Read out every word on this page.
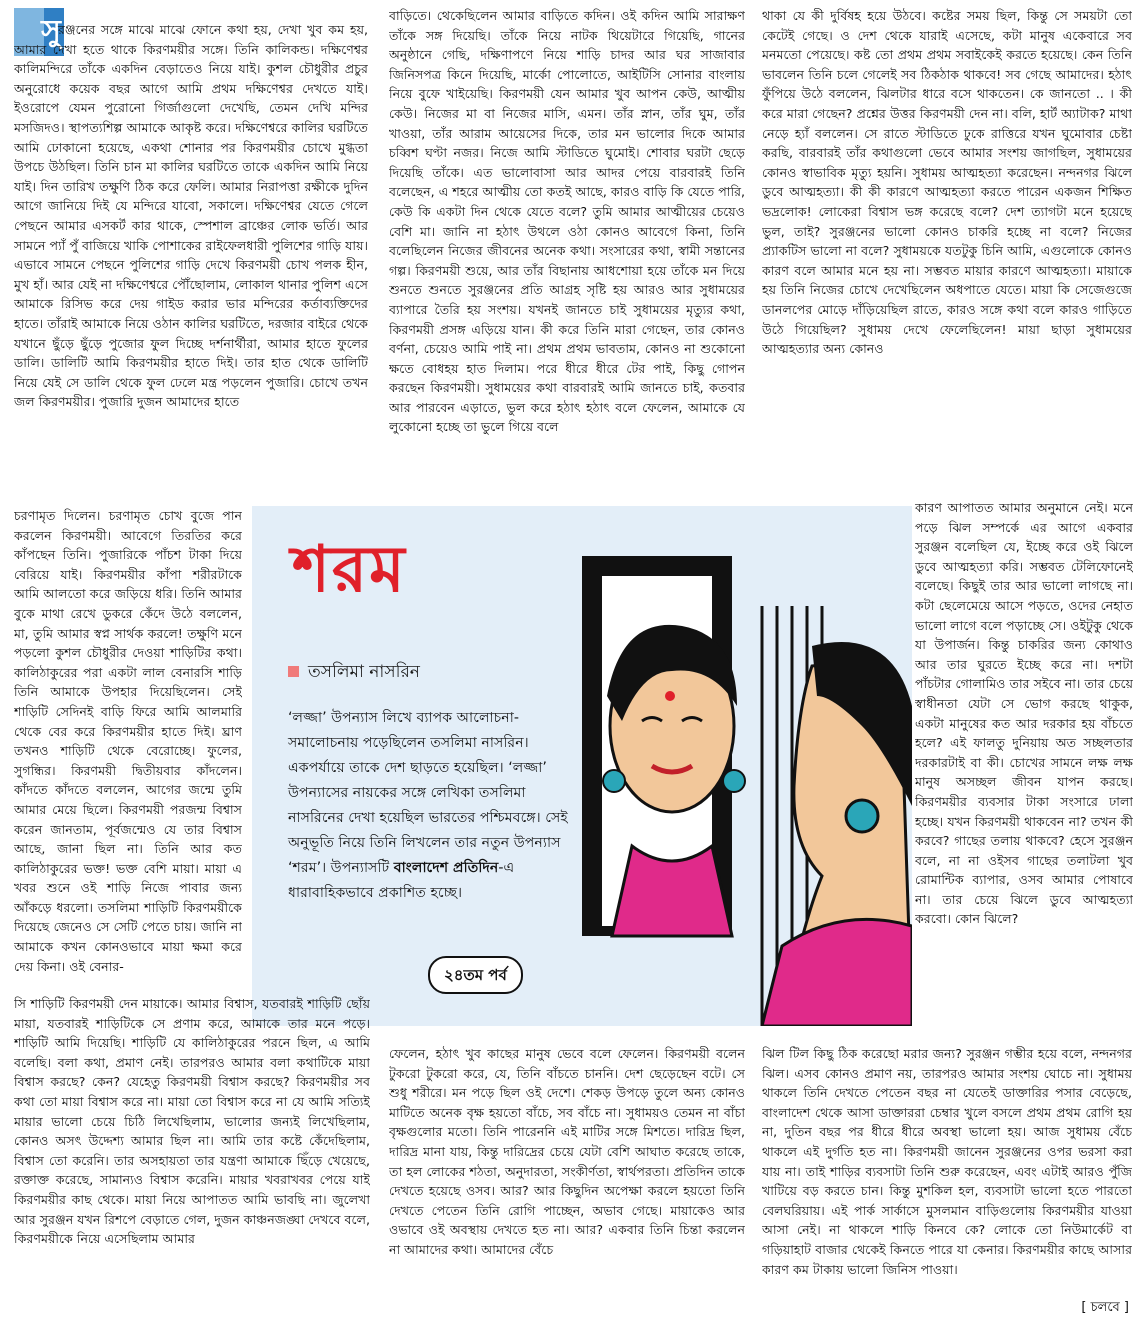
সু

রঞ্জনের সঙ্গে মাঝে মাঝে ফোনে কথা হয়, দেখা খুব কম হয়, আমার দেখা হতে থাকে কিরণময়ীর সঙ্গে। তিনি কালিকন্ড। দক্ষিণেশ্বর কালিমন্দিরে তাঁকে একদিন বেড়াতেও নিয়ে যাই। কুশল চৌধুরীর প্রচুর অনুরোধে কয়েক বছর আগে আমি প্রথম দক্ষিণেশ্বর দেখতে যাই। ইওরোপে যেমন পুরোনো গির্জাগুলো দেখেছি, তেমন দেখি মন্দির মসজিদও। স্থাপত্যশিল্প আমাকে আকৃষ্ট করে। দক্ষিণেশ্বরে কালির ঘরটিতে আমি ঢোকানো হয়েছে, একথা শোনার পর কিরণময়ীর চোখে মুগ্ধতা উপচে উঠছিল। তিনি চান মা কালির ঘরটিতে তাকে একদিন আমি নিয়ে যাই। দিন তারিখ তক্ষুণি ঠিক করে ফেলি। আমার নিরাপত্তা রক্ষীকে দুদিন আগে জানিয়ে দিই যে মন্দিরে যাবো, সকালে। দক্ষিণেশ্বর যেতে গেলে পেছনে আমার এসকর্ট কার থাকে, স্পেশাল ব্রাঞ্চের লোক ভর্তি। আর সামনে প্যাঁ পুঁ বাজিয়ে খাকি পোশাকের রাইফেলধারী পুলিশের গাড়ি যায়। এভাবে সামনে পেছনে পুলিশের গাড়ি দেখে কিরণময়ী চোখ পলক হীন, মুখ হাঁ। আর যেই না দক্ষিণেশ্বরে পৌঁছোলাম, লোকাল থানার পুলিশ এসে আমাকে রিসিভ করে দেয় গাইড করার ভার মন্দিরের কর্তাব্যক্তিদের হাতে। তাঁরাই আমাকে নিয়ে ওঠান কালির ঘরটিতে, দরজার বাইরে থেকে যখানে ছুঁড়ে ছুঁড়ে পুজোর ফুল দিচ্ছে দর্শনার্থীরা, আমার হাতে ফুলের ডালি। ডালিটি আমি কিরণময়ীর হাতে দিই। তার হাত থেকে ডালিটি নিয়ে যেই সে ডালি থেকে ফুল ঢেলে মন্ত্র পড়লেন পুজারি। চোখে তখন জল কিরণময়ীর। পুজারি দুজন আমাদের হাতে

বাড়িতে। থেকেছিলেন আমার বাড়িতে কদিন। ওই কদিন আমি সারাক্ষণ তাঁকে সঙ্গ দিয়েছি। তাঁকে নিয়ে নাটক থিয়েটারে গিয়েছি, গানের অনুষ্ঠানে গেছি, দক্ষিণাপণে নিয়ে শাড়ি চাদর আর ঘর সাজাবার জিনিসপত্র কিনে দিয়েছি, মার্কো পোলোতে, আইটিসি সোনার বাংলায় নিয়ে বুফে খাইয়েছি। কিরণময়ী যেন আমার খুব আপন কেউ, আত্মীয় কেউ। নিজের মা বা নিজের মাসি, এমন। তাঁর স্নান, তাঁর ঘুম, তাঁর খাওয়া, তাঁর আরাম আয়েসের দিকে, তার মন ভালোর দিকে আমার চব্বিশ ঘণ্টা নজর। নিজে আমি স্টাডিতে ঘুমোই। শোবার ঘরটা ছেড়ে দিয়েছি তাঁকে। এত ভালোবাসা আর আদর পেয়ে বারবারই তিনি বলেছেন, এ শহরে আত্মীয় তো কতই আছে, কারও বাড়ি কি যেতে পারি, কেউ কি একটা দিন থেকে যেতে বলে? তুমি আমার আত্মীয়ের চেয়েও বেশি মা। জানি না হঠাৎ উথলে ওঠা কোনও আবেগে কিনা, তিনি বলেছিলেন নিজের জীবনের অনেক কথা। সংসারের কথা, স্বামী সন্তানের গল্প। কিরণময়ী শুয়ে, আর তাঁর বিছানায় আধশোয়া হয়ে তাঁকে মন দিয়ে শুনতে শুনতে সুরঞ্জনের প্রতি আগ্রহ সৃষ্টি হয় আরও আর সুধাময়ের ব্যাপারে তৈরি হয় সংশয়। যখনই জানতে চাই সুধাময়ের মৃত্যুর কথা, কিরণময়ী প্রসঙ্গ এড়িয়ে যান। কী করে তিনি মারা গেছেন, তার কোনও বর্ণনা, চেয়েও আমি পাই না। প্রথম প্রথম ভাবতাম, কোনও না শুকোনো ক্ষতে বোধহয় হাত দিলাম। পরে ধীরে ধীরে টের পাই, কিছু গোপন করছেন কিরণময়ী। সুধাময়ের কথা বারবারই আমি জানতে চাই, কতবার আর পারবেন এড়াতে, ভুল করে হঠাৎ হঠাৎ বলে ফেলেন, আমাকে যে লুকোনো হচ্ছে তা ভুলে গিয়ে বলে

থাকা যে কী দুর্বিষহ হয়ে উঠবে। কষ্টের সময় ছিল, কিন্তু সে সময়টা তো কেটেই গেছে। ও দেশ থেকে যারাই এসেছে, কটা মানুষ একেবারে সব মনমতো পেয়েছে। কষ্ট তো প্রথম প্রথম সবাইকেই করতে হয়েছে। কেন তিনি ভাবলেন তিনি চলে গেলেই সব ঠিকঠাক থাকবে! সব গেছে আমাদের। হঠাৎ ফুঁপিয়ে উঠে বললেন, ঝিলটার ধারে বসে থাকতেন। কে জানতো .. । কী করে মারা গেছেন? প্রশ্নের উত্তর কিরণময়ী দেন না। বলি, হার্ট অ্যাটাক? মাথা নেড়ে হ্যাঁ বললেন। সে রাতে স্টাডিতে ঢুকে রাত্তিরে যখন ঘুমোবার চেষ্টা করছি, বারবারই তাঁর কথাগুলো ভেবে আমার সংশয় জাগছিল, সুধাময়ের কোনও স্বাভাবিক মৃত্যু হয়নি। সুধাময় আত্মহত্যা করেছেন। নন্দনগর ঝিলে ডুবে আত্মহত্যা। কী কী কারণে আত্মহত্যা করতে পারেন একজন শিক্ষিত ভদ্রলোক! লোকেরা বিশ্বাস ভঙ্গ করেছে বলে? দেশ ত্যাগটা মনে হয়েছে ভুল, তাই? সুরঞ্জনের ভালো কোনও চাকরি হচ্ছে না বলে? নিজের প্র্যাকটিস ভালো না বলে? সুধাময়কে যতটুকু চিনি আমি, এগুলোকে কোনও কারণ বলে আমার মনে হয় না। সম্ভবত মায়ার কারণে আত্মহত্যা। মায়াকে হয় তিনি নিজের চোখে দেখেছিলেন অধপাতে যেতে। মায়া কি সেজেগুজে ডানলপের মোড়ে দাঁড়িয়েছিল রাতে, কারও সঙ্গে কথা বলে কারও গাড়িতে উঠে গিয়েছিল? সুধাময় দেখে ফেলেছিলেন! মায়া ছাড়া সুধাময়ের আত্মহত্যার অন্য কোনও

চরণামৃত দিলেন। চরণামৃত চোখ বুজে পান করলেন কিরণময়ী। আবেগে তিরতির করে কাঁপছেন তিনি। পুজারিকে পাঁচশ টাকা দিয়ে বেরিয়ে যাই। কিরণময়ীর কাঁপা শরীরটাকে আমি আলতো করে জড়িয়ে ধরি। তিনি আমার বুকে মাথা রেখে ডুকরে কেঁদে উঠে বললেন, মা, তুমি আমার স্বপ্ন সার্থক করলে! তক্ষুণি মনে পড়লো কুশল চৌধুরীর দেওয়া শাড়িটির কথা। কালিঠাকুরের পরা একটা লাল বেনারসি শাড়ি তিনি আমাকে উপহার দিয়েছিলেন। সেই শাড়িটি সেদিনই বাড়ি ফিরে আমি আলমারি থেকে বের করে কিরণময়ীর হাতে দিই। ঘ্রাণ তখনও শাড়িটি থেকে বেরোচ্ছে। ফুলের, সুগন্ধির। কিরণময়ী দ্বিতীয়বার কাঁদলেন। কাঁদতে কাঁদতে বললেন, আগের জন্মে তুমি আমার মেয়ে ছিলে। কিরণময়ী পরজন্ম বিশ্বাস করেন জানতাম, পূর্বজন্মেও যে তার বিশ্বাস আছে, জানা ছিল না। তিনি আর কত কালিঠাকুরের ভক্ত! ভক্ত বেশি মায়া। মায়া এ খবর শুনে ওই শাড়ি নিজে পাবার জন্য আঁকড়ে ধরলো। তসলিমা শাড়িটি কিরণময়ীকে দিয়েছে জেনেও সে সেটি পেতে চায়। জানি না আমাকে কখন কোনওভাবে মায়া ক্ষমা করে দেয় কিনা। ওই বেনার-

শরম
তসলিমা নাসরিন
‘লজ্জা’ উপন্যাস লিখে ব্যাপক আলোচনা-সমালোচনায় পড়েছিলেন তসলিমা নাসরিন। একপর্যায়ে তাকে দেশ ছাড়তে হয়েছিল। ‘লজ্জা’ উপন্যাসের নায়কের সঙ্গে লেখিকা তসলিমা নাসরিনের দেখা হয়েছিল ভারতের পশ্চিমবঙ্গে। সেই অনুভূতি নিয়ে তিনি লিখলেন তার নতুন উপন্যাস ‘শরম’। উপন্যাসটি বাংলাদেশ প্রতিদিন-এ ধারাবাহিকভাবে প্রকাশিত হচ্ছে।
২৪তম পর্ব

কারণ আপাতত আমার অনুমানে নেই। মনে পড়ে ঝিল সম্পর্কে এর আগে একবার সুরঞ্জন বলেছিল যে, ইচ্ছে করে ওই ঝিলে ডুবে আত্মহত্যা করি। সম্ভবত টেলিফোনেই বলেছে। কিছুই তার আর ভালো লাগছে না। কটা ছেলেমেয়ে আসে পড়তে, ওদের নেহাত ভালো লাগে বলে পড়াচ্ছে সে। ওইটুকু থেকে যা উপার্জন। কিন্তু চাকরির জন্য কোথাও আর তার ঘুরতে ইচ্ছে করে না। দশটা পাঁচটার গোলামিও তার সইবে না। তার চেয়ে স্বাধীনতা যেটা সে ভোগ করছে থাকুক, একটা মানুষের কত আর দরকার হয় বাঁচতে হলে? এই ফালতু দুনিয়ায় অত সচ্ছলতার দরকারটাই বা কী। চোখের সামনে লক্ষ লক্ষ মানুষ অসচ্ছল জীবন যাপন করছে। কিরণময়ীর ব্যবসার টাকা সংসারে ঢালা হচ্ছে। যখন কিরণময়ী থাকবেন না? তখন কী করবে? গাছের তলায় থাকবে? হেসে সুরঞ্জন বলে, না না ওইসব গাছের তলাটলা খুব রোমান্টিক ব্যাপার, ওসব আমার পোষাবে না। তার চেয়ে ঝিলে ডুবে আত্মহত্যা করবো। কোন ঝিলে?

সি শাড়িটি কিরণময়ী দেন মায়াকে। আমার বিশ্বাস, যতবারই শাড়িটি ছোঁয় মায়া, যতবারই শাড়িটিকে সে প্রণাম করে, আমাকে তার মনে পড়ে। শাড়িটি আমি দিয়েছি। শাড়িটি যে কালিঠাকুরের পরনে ছিল, এ আমি বলেছি। বলা কথা, প্রমাণ নেই। তারপরও আমার বলা কথাটিকে মায়া বিশ্বাস করছে? কেন? যেহেতু কিরণময়ী বিশ্বাস করছে? কিরণময়ীর সব কথা তো মায়া বিশ্বাস করে না। মায়া তো বিশ্বাস করে না যে আমি সত্যিই মায়ার ভালো চেয়ে চিঠি লিখেছিলাম, ভালোর জন্যই লিখেছিলাম, কোনও অসৎ উদ্দেশ্য আমার ছিল না। আমি তার কষ্টে কেঁদেছিলাম, বিশ্বাস তো করেনি। তার অসহায়তা তার যন্ত্রণা আমাকে ছিঁড়ে খেয়েছে, রক্তাক্ত করেছে, সামান্যও বিশ্বাস করেনি। মায়ার খবরাখবর পেয়ে যাই কিরণময়ীর কাছ থেকে। মায়া নিয়ে আপাতত আমি ভাবছি না। জুলেখা আর সুরঞ্জন যখন রিশপে বেড়াতে গেল, দুজন কাঞ্চনজঙ্ঘা দেখবে বলে, কিরণময়ীকে নিয়ে এসেছিলাম আমার

ফেলেন, হঠাৎ খুব কাছের মানুষ ভেবে বলে ফেলেন। কিরণময়ী বলেন টুকরো টুকরো করে, যে, তিনি বাঁচতে চাননি। দেশ ছেড়েছেন বটে। সে শুধু শরীরে। মন পড়ে ছিল ওই দেশে। শেকড় উপড়ে তুলে অন্য কোনও মাটিতে অনেক বৃক্ষ হয়তো বাঁচে, সব বাঁচে না। সুধাময়ও তেমন না বাঁচা বৃক্ষগুলোর মতো। তিনি পারেননি এই মাটির সঙ্গে মিশতে। দারিদ্র ছিল, দারিদ্র মানা যায়, কিন্তু দারিদ্রের চেয়ে যেটা বেশি আঘাত করেছে তাকে, তা হল লোকের শঠতা, অনুদারতা, সংকীর্ণতা, স্বার্থপরতা। প্রতিদিন তাকে দেখতে হয়েছে ওসব। আর? আর কিছুদিন অপেক্ষা করলে হয়তো তিনি দেখতে পেতেন তিনি রোগি পাচ্ছেন, অভাব গেছে। মায়াকেও আর ওভাবে ওই অবস্থায় দেখতে হত না। আর? একবার তিনি চিন্তা করলেন না আমাদের কথা। আমাদের বেঁচে

ঝিল টিল কিছু ঠিক করেছো মরার জন্য? সুরঞ্জন গম্ভীর হয়ে বলে, নন্দনগর ঝিল। এসব কোনও প্রমাণ নয়, তারপরও আমার সংশয় ঘোচে না। সুধাময় থাকলে তিনি দেখতে পেতেন বছর না যেতেই ডাক্তারির পসার বেড়েছে, বাংলাদেশ থেকে আসা ডাক্তাররা চেম্বার খুলে বসলে প্রথম প্রথম রোগি হয় না, দুতিন বছর পর ধীরে ধীরে অবস্থা ভালো হয়। আজ সুধাময় বেঁচে থাকলে এই দুর্গতি হত না। কিরণময়ী জানেন সুরঞ্জনের ওপর ভরসা করা যায় না। তাই শাড়ির ব্যবসাটা তিনি শুরু করেছেন, এবং এটাই আরও পুঁজি খাটিয়ে বড় করতে চান। কিন্তু মুশকিল হল, ব্যবসাটা ভালো হতে পারতো বেলঘরিয়ায়। এই পার্ক সার্কাসে মুসলমান বাড়িগুলোয় কিরণময়ীর যাওয়া আসা নেই। না থাকলে শাড়ি কিনবে কে? লোকে তো নিউমার্কেট বা গড়িয়াহাট বাজার থেকেই কিনতে পারে যা কেনার। কিরণময়ীর কাছে আসার কারণ কম টাকায় ভালো জিনিস পাওয়া।

[ চলবে ]
